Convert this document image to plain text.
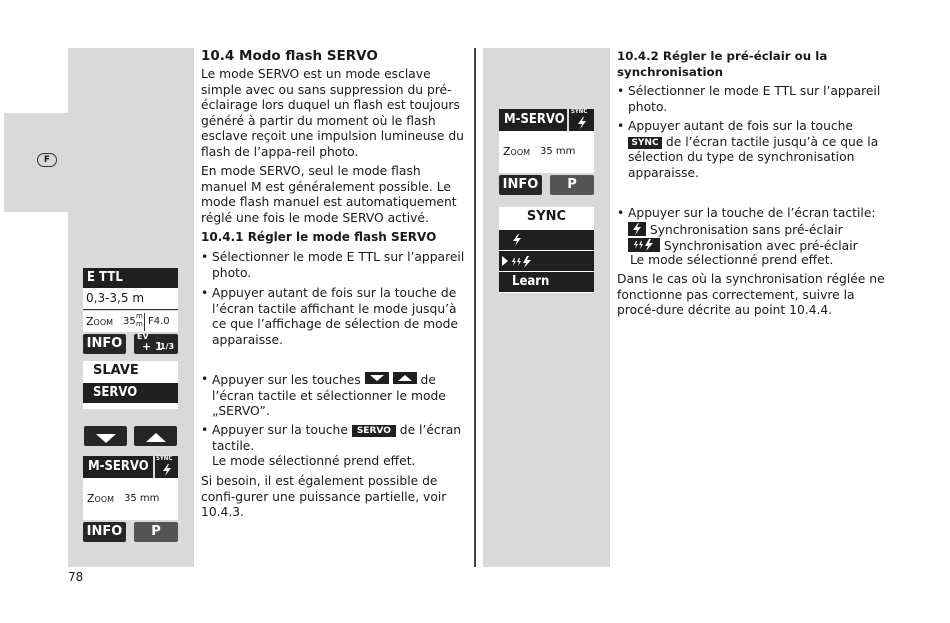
F
E TTL
0,3-3,5 m
Zoom 35 m
m F4.0
INFO	EV
+ 1
1/3
SLAVE
SERVO
M-SERVO
SYNC
Zoom 35 mm
INFO	P
78
10.4 Modo flash SERVO
Le mode SERVO est un mode esclave simple avec ou sans suppression du pré-éclairage lors duquel un flash est toujours généré à partir du moment où le flash esclave reçoit une impulsion lumineuse du flash de l’appa-reil photo.
En mode SERVO, seul le mode flash manuel M est généralement possible. Le mode flash manuel est automatiquement réglé une fois le mode SERVO activé.
10.4.1 Régler le mode flash SERVO
• Sélectionner le mode E TTL sur l’appareil photo.
• Appuyer autant de fois sur la touche de l’écran tactile affichant le mode jusqu’à ce que l’affichage de sélection de mode apparaisse.
• Appuyer sur les touches	de l’écran tactile et sélectionner le mode „SERVO”.
• Appuyer sur la touche SERVO de l’écran tactile.
Le mode sélectionné prend effet.
Si besoin, il est également possible de confi-gurer une puissance partielle, voir 10.4.3.
M-SERVO
SYNC
Zoom 35 mm
INFO	P
SYNC
Learn
10.4.2 Régler le pré-éclair ou la synchronisation
• Sélectionner le mode E TTL sur l’appareil photo.
• Appuyer autant de fois sur la touche SYNC de l’écran tactile jusqu’à ce que la sélection du type de synchronisation apparaisse.
• Appuyer sur la touche de l’écran tactile:
Synchronisation sans pré-éclair
Synchronisation avec pré-éclair
Le mode sélectionné prend effet.
Dans le cas où la synchronisation réglée ne fonctionne pas correctement, suivre la procé-dure décrite au point 10.4.4.
